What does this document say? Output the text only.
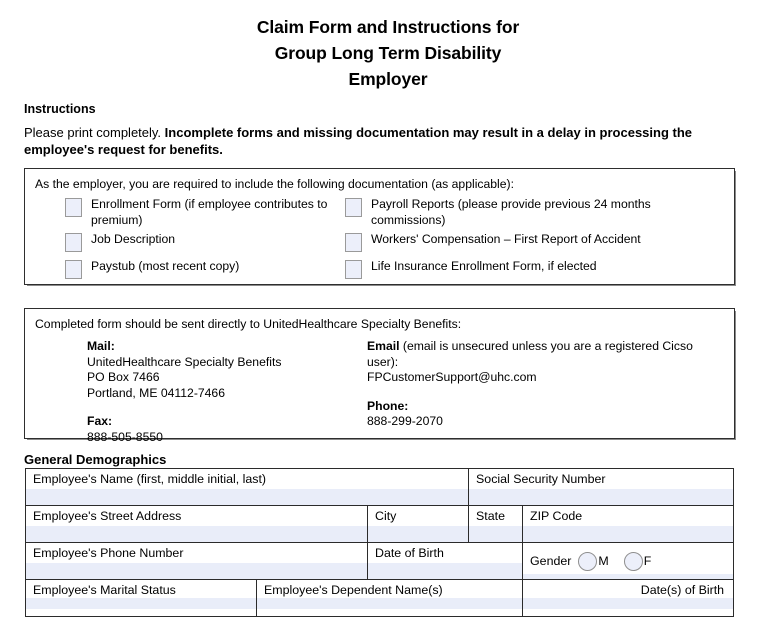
Claim Form and Instructions for
Group Long Term Disability
Employer
Instructions
Please print completely. Incomplete forms and missing documentation may result in a delay in processing the employee's request for benefits.
As the employer, you are required to include the following documentation (as applicable):
Enrollment Form (if employee contributes to premium)
Job Description
Paystub (most recent copy)
Payroll Reports (please provide previous 24 months commissions)
Workers' Compensation – First Report of Accident
Life Insurance Enrollment Form, if elected
Completed form should be sent directly to UnitedHealthcare Specialty Benefits:
Mail:
UnitedHealthcare Specialty Benefits
PO Box 7466
Portland, ME 04112-7466
Fax:
888-505-8550
Email (email is unsecured unless you are a registered Cicso user):
FPCustomerSupport@uhc.com
Phone:
888-299-2070
General Demographics
Employee's Name (first, middle initial, last)			Social Security Number	

Employee's Street Address		City	State	ZIP Code

Employee's Phone Number		Date of Birth		Gender M F

Employee's Marital Status	Employee's Dependent Name(s)			Date(s) of Birth
